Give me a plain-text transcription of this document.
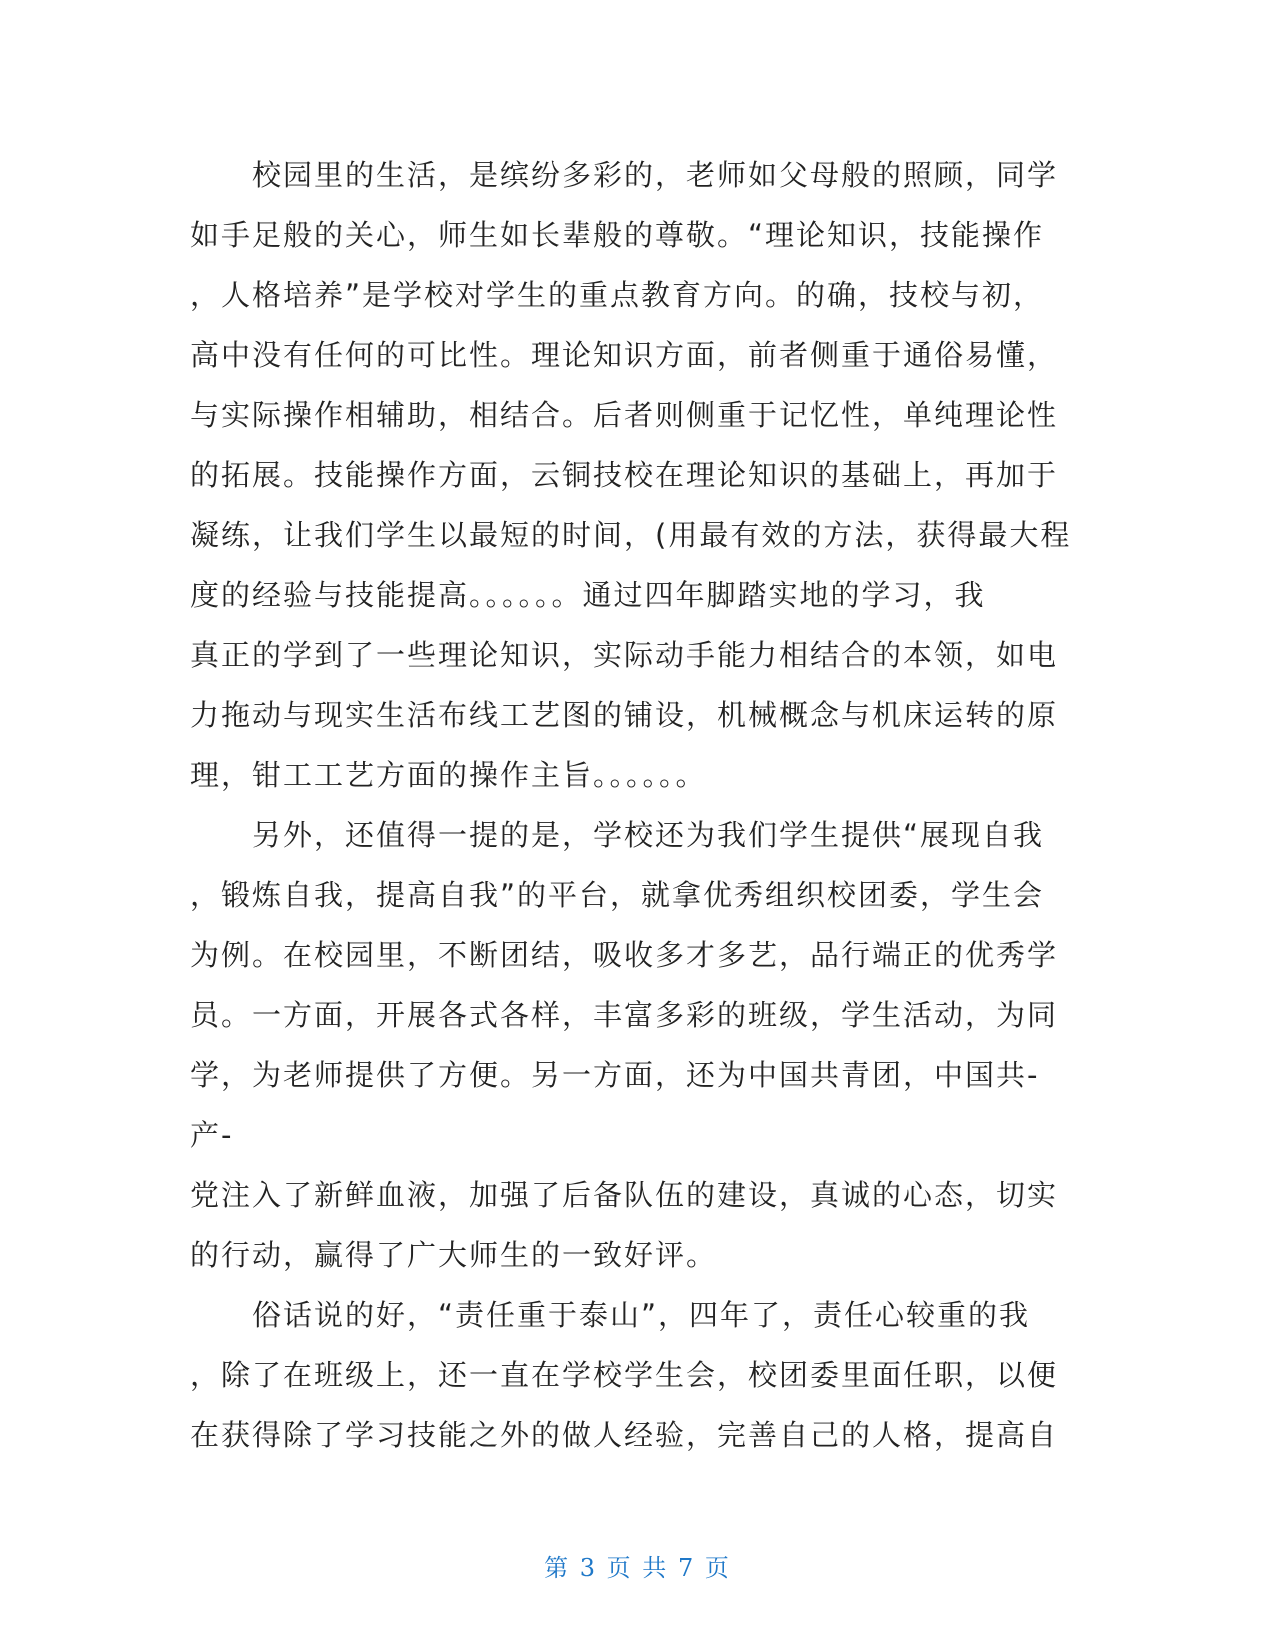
　　校园里的生活，是缤纷多彩的，老师如父母般的照顾，同学
如手足般的关心，师生如长辈般的尊敬。“理论知识，技能操作
，人格培养”是学校对学生的重点教育方向。的确，技校与初，
高中没有任何的可比性。理论知识方面，前者侧重于通俗易懂，
与实际操作相辅助，相结合。后者则侧重于记忆性，单纯理论性
的拓展。技能操作方面，云铜技校在理论知识的基础上，再加于
凝练，让我们学生以最短的时间，(用最有效的方法，获得最大程
度的经验与技能提高。。。。。。通过四年脚踏实地的学习，我
真正的学到了一些理论知识，实际动手能力相结合的本领，如电
力拖动与现实生活布线工艺图的铺设，机械概念与机床运转的原
理，钳工工艺方面的操作主旨。。。。。。
　　另外，还值得一提的是，学校还为我们学生提供“展现自我
，锻炼自我，提高自我”的平台，就拿优秀组织校团委，学生会
为例。在校园里，不断团结，吸收多才多艺，品行端正的优秀学
员。一方面，开展各式各样，丰富多彩的班级，学生活动，为同
学，为老师提供了方便。另一方面，还为中国共青团，中国共-
产-
党注入了新鲜血液，加强了后备队伍的建设，真诚的心态，切实
的行动，赢得了广大师生的一致好评。
　　俗话说的好，“责任重于泰山”，四年了，责任心较重的我
，除了在班级上，还一直在学校学生会，校团委里面任职，以便
在获得除了学习技能之外的做人经验，完善自己的人格，提高自
第 3 页 共 7 页
